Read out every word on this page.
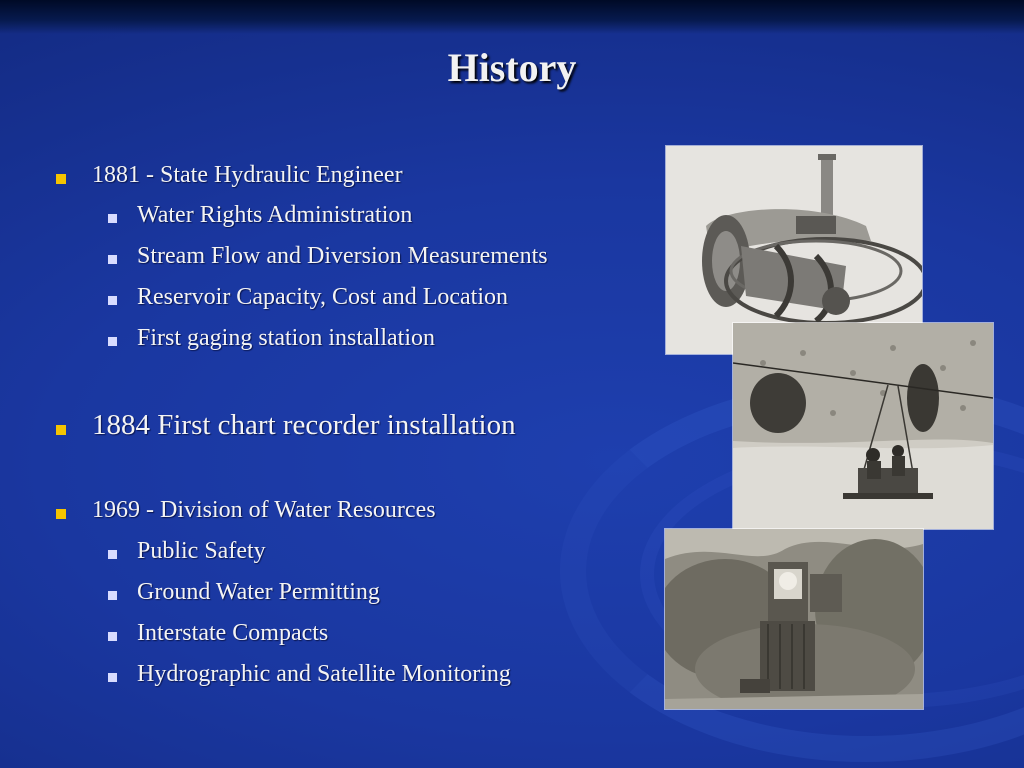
History
1881 - State Hydraulic Engineer
Water Rights Administration
Stream Flow and Diversion Measurements
Reservoir Capacity, Cost and Location
First gaging station installation
1884 First chart recorder installation
1969 - Division of Water Resources
Public Safety
Ground Water Permitting
Interstate Compacts
Hydrographic and Satellite Monitoring
